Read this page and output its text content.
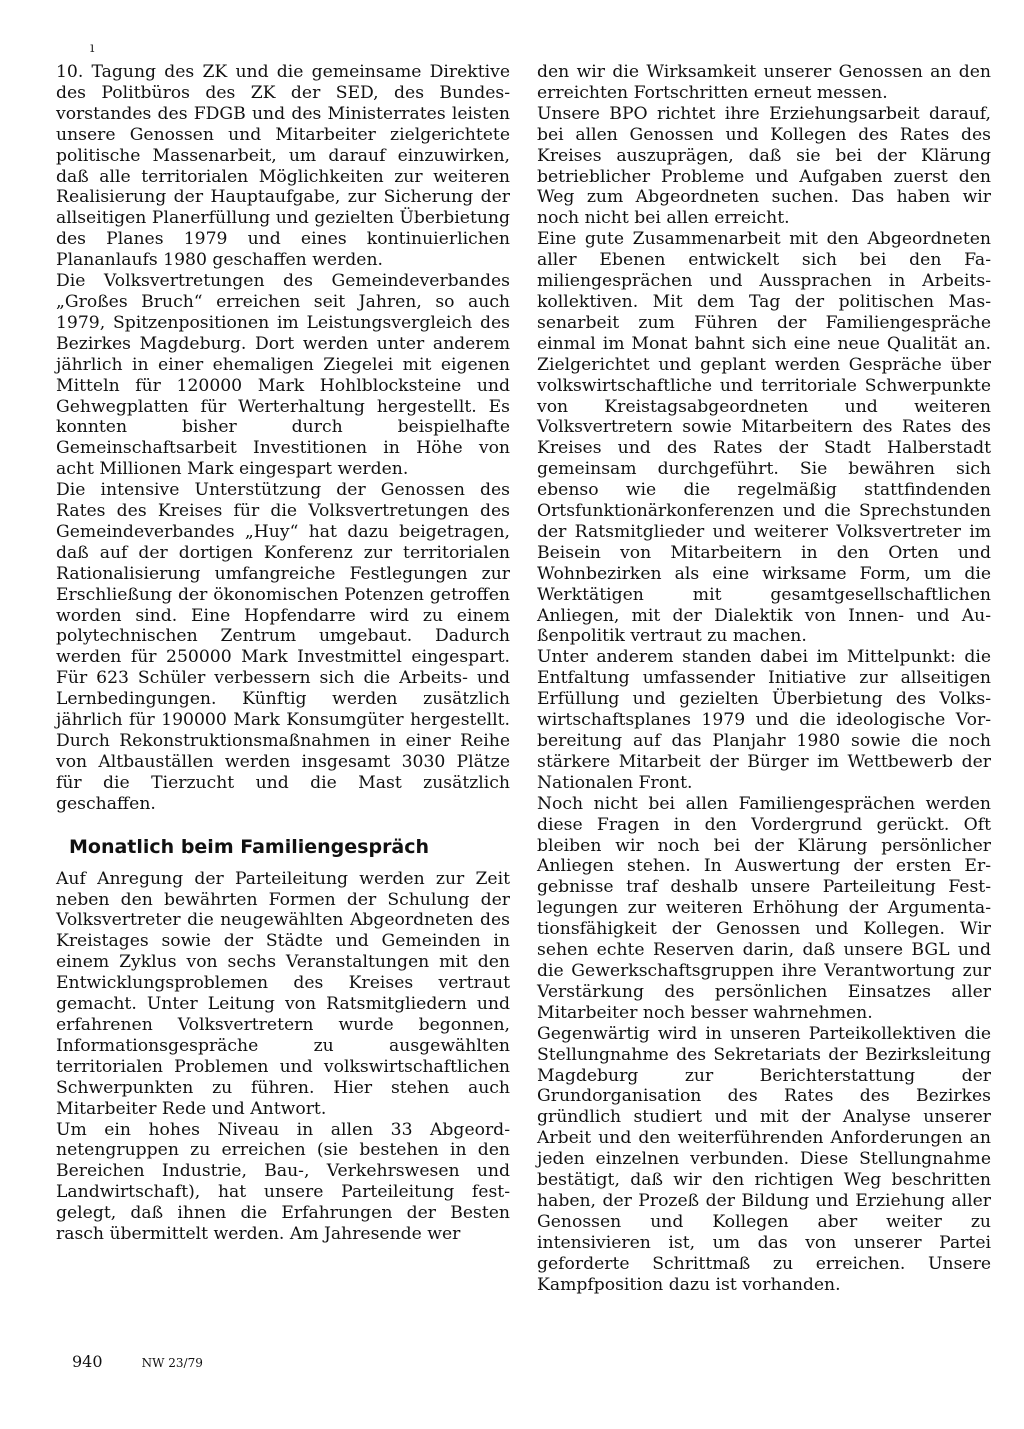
ı

10. Tagung des ZK und die gemeinsame Direktive des Politbüros des ZK der SED, des Bundesvorstandes des FDGB und des Ministerrates leisten unsere Genossen und Mitarbeiter zielgerichtete politische Massenarbeit, um darauf einzuwirken, daß alle territorialen Möglichkeiten zur weiteren Realisierung der Hauptaufgabe, zur Sicherung der allseitigen Planerfüllung und gezielten Überbietung des Planes 1979 und eines kontinuierlichen Plananlaufs 1980 geschaffen werden.

Die Volksvertretungen des Gemeindeverbandes „Großes Bruch“ erreichen seit Jahren, so auch 1979, Spitzenpositionen im Leistungsvergleich des Bezirkes Magdeburg. Dort werden unter anderem jährlich in einer ehemaligen Ziegelei mit eigenen Mitteln für 120000 Mark Hohlblocksteine und Gehwegplatten für Werterhaltung hergestellt. Es konnten bisher durch beispielhafte Gemeinschaftsarbeit Investitionen in Höhe von acht Millionen Mark eingespart werden.

Die intensive Unterstützung der Genossen des Rates des Kreises für die Volksvertretungen des Gemeindeverbandes „Huy“ hat dazu beigetragen, daß auf der dortigen Konferenz zur territorialen Rationalisierung umfangreiche Festlegungen zur Erschließung der ökonomischen Potenzen getroffen worden sind. Eine Hopfendarre wird zu einem polytechnischen Zentrum umgebaut. Dadurch werden für 250000 Mark Investmittel eingespart. Für 623 Schüler verbessern sich die Arbeits- und Lernbedingungen. Künftig werden zusätzlich jährlich für 190000 Mark Konsumgüter hergestellt. Durch Rekonstruktionsmaßnahmen in einer Reihe von Altbauställen werden insgesamt 3030 Plätze für die Tierzucht und die Mast zusätzlich geschaffen.

Monatlich beim Familiengespräch

Auf Anregung der Parteileitung werden zur Zeit neben den bewährten Formen der Schulung der Volksvertreter die neugewählten Abgeordneten des Kreistages sowie der Städte und Gemeinden in einem Zyklus von sechs Veranstaltungen mit den Entwicklungsproblemen des Kreises vertraut gemacht. Unter Leitung von Ratsmitgliedern und erfahrenen Volksvertretern wurde begonnen, Informationsgespräche zu ausgewählten territorialen Problemen und volkswirtschaftlichen Schwerpunkten zu führen. Hier stehen auch Mitarbeiter Rede und Antwort.

Um ein hohes Niveau in allen 33 Abgeordnetengruppen zu erreichen (sie bestehen in den Bereichen Industrie, Bau-, Verkehrswesen und Landwirtschaft), hat unsere Parteileitung festgelegt, daß ihnen die Erfahrungen der Besten rasch übermittelt werden. Am Jahresende wer

den wir die Wirksamkeit unserer Genossen an den erreichten Fortschritten erneut messen.

Unsere BPO richtet ihre Erziehungsarbeit darauf, bei allen Genossen und Kollegen des Rates des Kreises auszuprägen, daß sie bei der Klärung betrieblicher Probleme und Aufgaben zuerst den Weg zum Abgeordneten suchen. Das haben wir noch nicht bei allen erreicht.

Eine gute Zusammenarbeit mit den Abgeordneten aller Ebenen entwickelt sich bei den Familiengesprächen und Aussprachen in Arbeitskollektiven. Mit dem Tag der politischen Massenarbeit zum Führen der Familiengespräche einmal im Monat bahnt sich eine neue Qualität an. Zielgerichtet und geplant werden Gespräche über volkswirtschaftliche und territoriale Schwerpunkte von Kreistagsabgeordneten und weiteren Volksvertretern sowie Mitarbeitern des Rates des Kreises und des Rates der Stadt Halberstadt gemeinsam durchgeführt. Sie bewähren sich ebenso wie die regelmäßig stattfindenden Ortsfunktionärkonferenzen und die Sprechstunden der Ratsmitglieder und weiterer Volksvertreter im Beisein von Mitarbeitern in den Orten und Wohnbezirken als eine wirksame Form, um die Werktätigen mit gesamtgesellschaftlichen Anliegen, mit der Dialektik von Innen- und Außenpolitik vertraut zu machen.

Unter anderem standen dabei im Mittelpunkt: die Entfaltung umfassender Initiative zur allseitigen Erfüllung und gezielten Überbietung des Volkswirtschaftsplanes 1979 und die ideologische Vorbereitung auf das Planjahr 1980 sowie die noch stärkere Mitarbeit der Bürger im Wettbewerb der Nationalen Front.

Noch nicht bei allen Familiengesprächen werden diese Fragen in den Vordergrund gerückt. Oft bleiben wir noch bei der Klärung persönlicher Anliegen stehen. In Auswertung der ersten Ergebnisse traf deshalb unsere Parteileitung Festlegungen zur weiteren Erhöhung der Argumentationsfähigkeit der Genossen und Kollegen. Wir sehen echte Reserven darin, daß unsere BGL und die Gewerkschaftsgruppen ihre Verantwortung zur Verstärkung des persönlichen Einsatzes aller Mitarbeiter noch besser wahrnehmen.

Gegenwärtig wird in unseren Parteikollektiven die Stellungnahme des Sekretariats der Bezirksleitung Magdeburg zur Berichterstattung der Grundorganisation des Rates des Bezirkes gründlich studiert und mit der Analyse unserer Arbeit und den weiterführenden Anforderungen an jeden einzelnen verbunden. Diese Stellungnahme bestätigt, daß wir den richtigen Weg beschritten haben, der Prozeß der Bildung und Erziehung aller Genossen und Kollegen aber weiter zu intensivieren ist, um das von unserer Partei geforderte Schrittmaß zu erreichen. Unsere Kampfposition dazu ist vorhanden.

940	NW 23/79
